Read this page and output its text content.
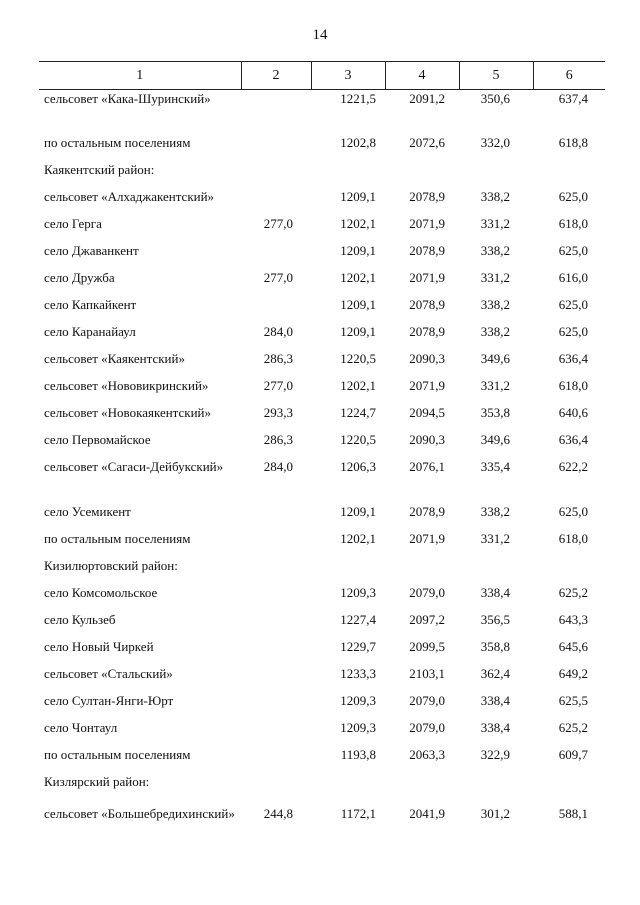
14
1	2	3	4	5	6
сельсовет «Кака-Шуринский»		1221,5	2091,2	350,6	637,4
по остальным поселениям		1202,8	2072,6	332,0	618,8
Каякентский район:					
сельсовет «Алхаджакентский»		1209,1	2078,9	338,2	625,0
село Герга	277,0	1202,1	2071,9	331,2	618,0
село Джаванкент		1209,1	2078,9	338,2	625,0
село Дружба	277,0	1202,1	2071,9	331,2	616,0
село Капкайкент		1209,1	2078,9	338,2	625,0
село Каранайаул	284,0	1209,1	2078,9	338,2	625,0
сельсовет «Каякентский»	286,3	1220,5	2090,3	349,6	636,4
сельсовет «Нововикринский»	277,0	1202,1	2071,9	331,2	618,0
сельсовет «Новокаякентский»	293,3	1224,7	2094,5	353,8	640,6
село Первомайское	286,3	1220,5	2090,3	349,6	636,4
сельсовет «Сагаси-Дейбукский»	284,0	1206,3	2076,1	335,4	622,2
село Усемикент		1209,1	2078,9	338,2	625,0
по остальным поселениям		1202,1	2071,9	331,2	618,0
Кизилюртовский район:					
село Комсомольское		1209,3	2079,0	338,4	625,2
село Кульзеб		1227,4	2097,2	356,5	643,3
село Новый Чиркей		1229,7	2099,5	358,8	645,6
сельсовет «Стальский»		1233,3	2103,1	362,4	649,2
село Султан-Янги-Юрт		1209,3	2079,0	338,4	625,5
село Чонтаул		1209,3	2079,0	338,4	625,2
по остальным поселениям		1193,8	2063,3	322,9	609,7
Кизлярский район:					
сельсовет «Большебредихинский»	244,8	1172,1	2041,9	301,2	588,1
